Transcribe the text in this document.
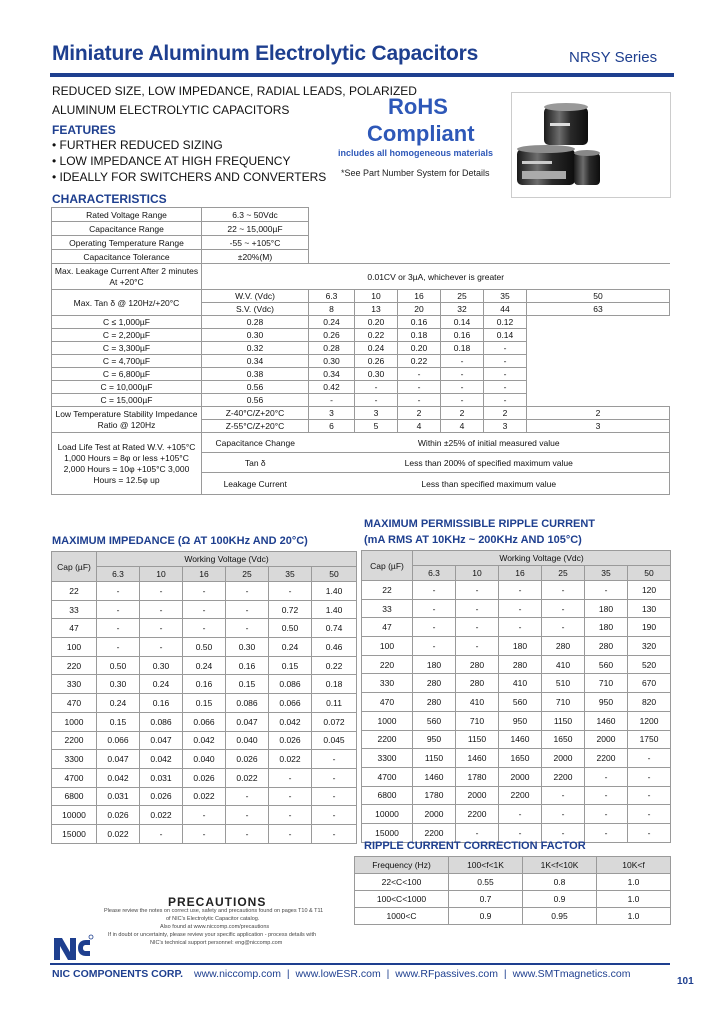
Miniature Aluminum Electrolytic Capacitors	NRSY Series
REDUCED SIZE, LOW IMPEDANCE, RADIAL LEADS, POLARIZED
ALUMINUM ELECTROLYTIC CAPACITORS
FEATURES
• FURTHER REDUCED SIZING
• LOW IMPEDANCE AT HIGH FREQUENCY
• IDEALLY FOR SWITCHERS AND CONVERTERS
RoHS
Compliant
includes all homogeneous materials
*See Part Number System for Details
CHARACTERISTICS
Rated Voltage Range	6.3 ~ 50Vdc						
Capacitance Range	22 ~ 15,000µF						
Operating Temperature Range	-55 ~ +105°C						
Capacitance Tolerance	±20%(M)						
Max. Leakage Current After 2 minutes At +20°C	0.01CV or 3µA, whichever is greater						
Max. Tan δ @ 120Hz/+20°C	W.V. (Vdc)	6.3	10	16	25	35	50
	S.V. (Vdc)	8	13	20	32	44	63
C ≤ 1,000µF	0.28	0.24	0.20	0.16	0.14	0.12	
C = 2,200µF	0.30	0.26	0.22	0.18	0.16	0.14	
C = 3,300µF	0.32	0.28	0.24	0.20	0.18	-	
C = 4,700µF	0.34	0.30	0.26	0.22	-	-	
C = 6,800µF	0.38	0.34	0.30	-	-	-	
C = 10,000µF	0.56	0.42	-	-	-	-	
C = 15,000µF	0.56	-	-	-	-	-	
Low Temperature Stability Impedance Ratio @ 120Hz	Z-40°C/Z+20°C	3	3	2	2	2	2
	Z-55°C/Z+20°C	6	5	4	4	3	3
Load Life Test at Rated W.V. +105°C 1,000 Hours = 8φ or less +105°C 2,000 Hours = 10φ +105°C 3,000 Hours = 12.5φ up	Capacitance Change	Within ±25% of initial measured value					
	Tan δ	Less than 200% of specified maximum value					
	Leakage Current	Less than specified maximum value					
MAXIMUM IMPEDANCE (Ω AT 100KHz AND 20°C)
Cap (µF)	Working Voltage (Vdc)					
	6.3	10	16	25	35	50
22	-	-	-	-	-	1.40
33	-	-	-	-	0.72	1.40
47	-	-	-	-	0.50	0.74
100	-	-	0.50	0.30	0.24	0.46
220	0.50	0.30	0.24	0.16	0.15	0.22
330	0.30	0.24	0.16	0.15	0.086	0.18
470	0.24	0.16	0.15	0.086	0.066	0.11
1000	0.15	0.086	0.066	0.047	0.042	0.072
2200	0.066	0.047	0.042	0.040	0.026	0.045
3300	0.047	0.042	0.040	0.026	0.022	-
4700	0.042	0.031	0.026	0.022	-	-
6800	0.031	0.026	0.022	-	-	-
10000	0.026	0.022	-	-	-	-
15000	0.022	-	-	-	-	-
MAXIMUM PERMISSIBLE RIPPLE CURRENT
(mA RMS AT 10KHz ~ 200KHz AND 105°C)
Cap (µF)	Working Voltage (Vdc)					
	6.3	10	16	25	35	50
22	-	-	-	-	-	120
33	-	-	-	-	180	130
47	-	-	-	-	180	190
100	-	-	180	280	280	320
220	180	280	280	410	560	520
330	280	280	410	510	710	670
470	280	410	560	710	950	820
1000	560	710	950	1150	1460	1200
2200	950	1150	1460	1650	2000	1750
3300	1150	1460	1650	2000	2200	-
4700	1460	1780	2000	2200	-	-
6800	1780	2000	2200	-	-	-
10000	2000	2200	-	-	-	-
15000	2200	-	-	-	-	-
RIPPLE CURRENT CORRECTION FACTOR
Frequency (Hz)	100<f<1K	1K<f<10K	10K<f
22<C<100	0.55	0.8	1.0
100<C<1000	0.7	0.9	1.0
1000<C	0.9	0.95	1.0
PRECAUTIONS
Please review the notes on correct use, safety and precautions found on pages T10 & T11
of NIC's Electrolytic Capacitor catalog.
Also found at www.niccomp.com/precautions
If in doubt or uncertainty, please review your specific application - process details with
NIC's technical support personnel: eng@niccomp.com
NIC COMPONENTS CORP. www.niccomp.com | www.lowESR.com | www.RFpassives.com | www.SMTmagnetics.com
101
